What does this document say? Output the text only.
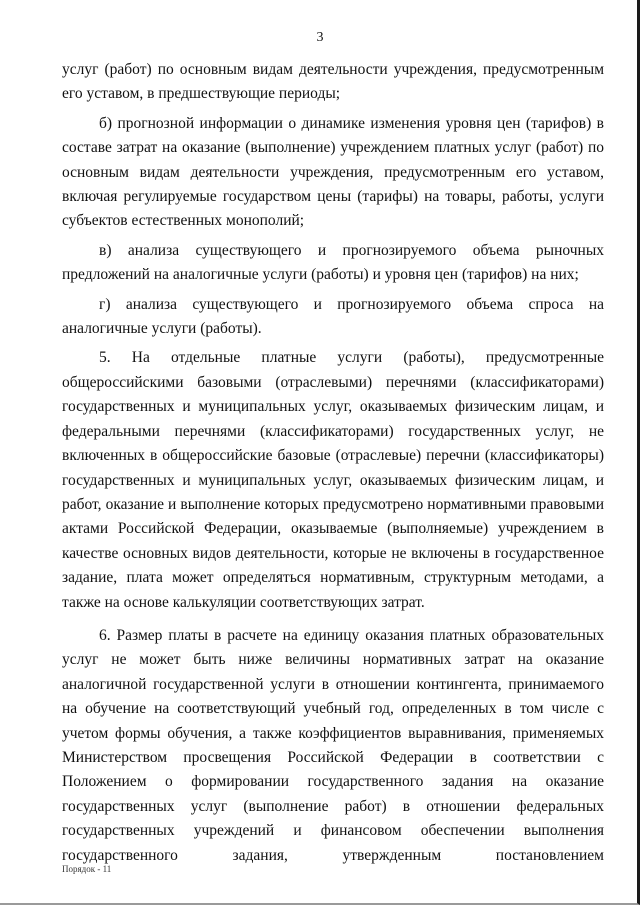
3

услуг (работ) по основным видам деятельности учреждения, предусмотренным его уставом, в предшествующие периоды;

б) прогнозной информации о динамике изменения уровня цен (тарифов) в составе затрат на оказание (выполнение) учреждением платных услуг (работ) по основным видам деятельности учреждения, предусмотренным его уставом, включая регулируемые государством цены (тарифы) на товары, работы, услуги субъектов естественных монополий;

в) анализа существующего и прогнозируемого объема рыночных предложений на аналогичные услуги (работы) и уровня цен (тарифов) на них;

г) анализа существующего и прогнозируемого объема спроса на аналогичные услуги (работы).

5. На отдельные платные услуги (работы), предусмотренные общероссийскими базовыми (отраслевыми) перечнями (классификаторами) государственных и муниципальных услуг, оказываемых физическим лицам, и федеральными перечнями (классификаторами) государственных услуг, не включенных в общероссийские базовые (отраслевые) перечни (классификаторы) государственных и муниципальных услуг, оказываемых физическим лицам, и работ, оказание и выполнение которых предусмотрено нормативными правовыми актами Российской Федерации, оказываемые (выполняемые) учреждением в качестве основных видов деятельности, которые не включены в государственное задание, плата может определяться нормативным, структурным методами, а также на основе калькуляции соответствующих затрат.

6. Размер платы в расчете на единицу оказания платных образовательных услуг не может быть ниже величины нормативных затрат на оказание аналогичной государственной услуги в отношении контингента, принимаемого на обучение на соответствующий учебный год, определенных в том числе с учетом формы обучения, а также коэффициентов выравнивания, применяемых Министерством просвещения Российской Федерации в соответствии с Положением о формировании государственного задания на оказание государственных услуг (выполнение работ) в отношении федеральных государственных учреждений и финансовом обеспечении выполнения государственного задания, утвержденным постановлением

Порядок - 11
